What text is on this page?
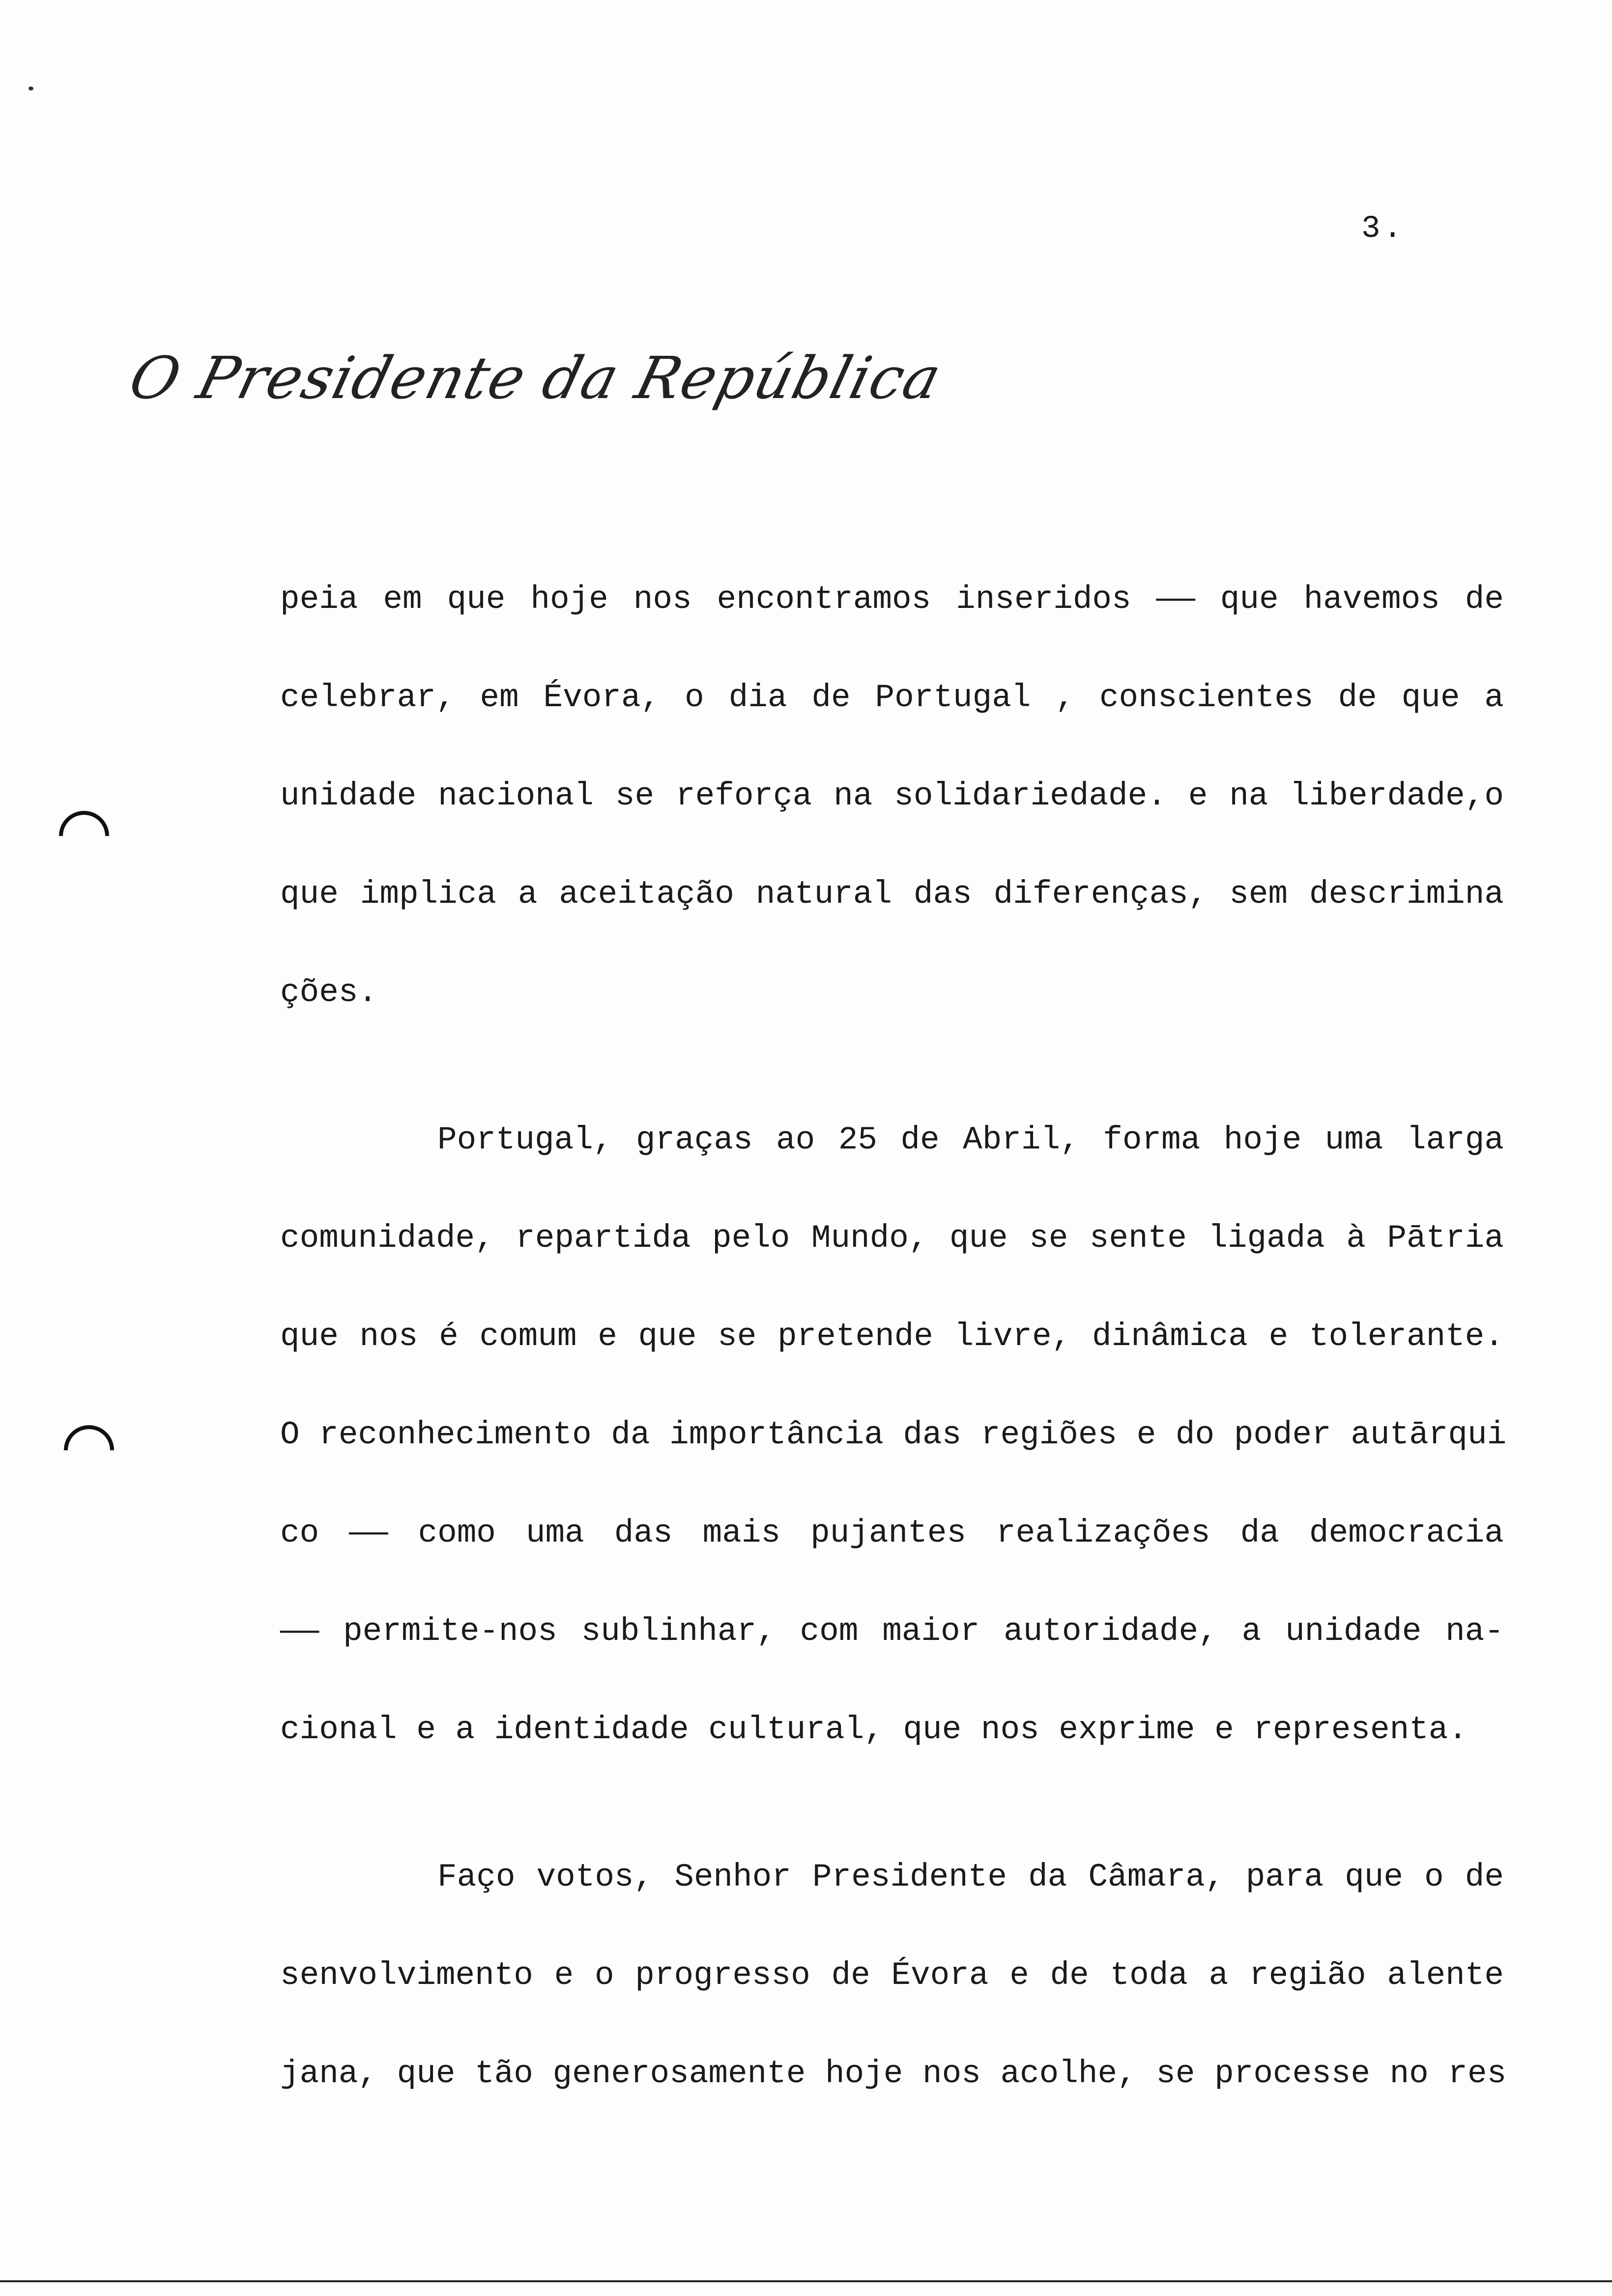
3.
O Presidente da República
peia em que hoje nos encontramos inseridos —— que havemos de
celebrar, em Évora, o dia de Portugal , conscientes de que a
unidade nacional se reforça na solidariedade. e na liberdade,o
que implica a aceitação natural das diferenças, sem descrimina
ções.
Portugal, graças ao 25 de Abril, forma hoje uma larga
comunidade, repartida pelo Mundo, que se sente ligada à Pātria
que nos é comum e que se pretende livre, dinâmica e tolerante.
O reconhecimento da importância das regiões e do poder autārqui
co —— como uma das mais pujantes realizações da democracia
—— permite-nos sublinhar, com maior autoridade, a unidade na-
cional e a identidade cultural, que nos exprime e representa.
Faço votos, Senhor Presidente da Câmara, para que o de
senvolvimento e o progresso de Évora e de toda a região alente
jana, que tão generosamente hoje nos acolhe, se processe no res
